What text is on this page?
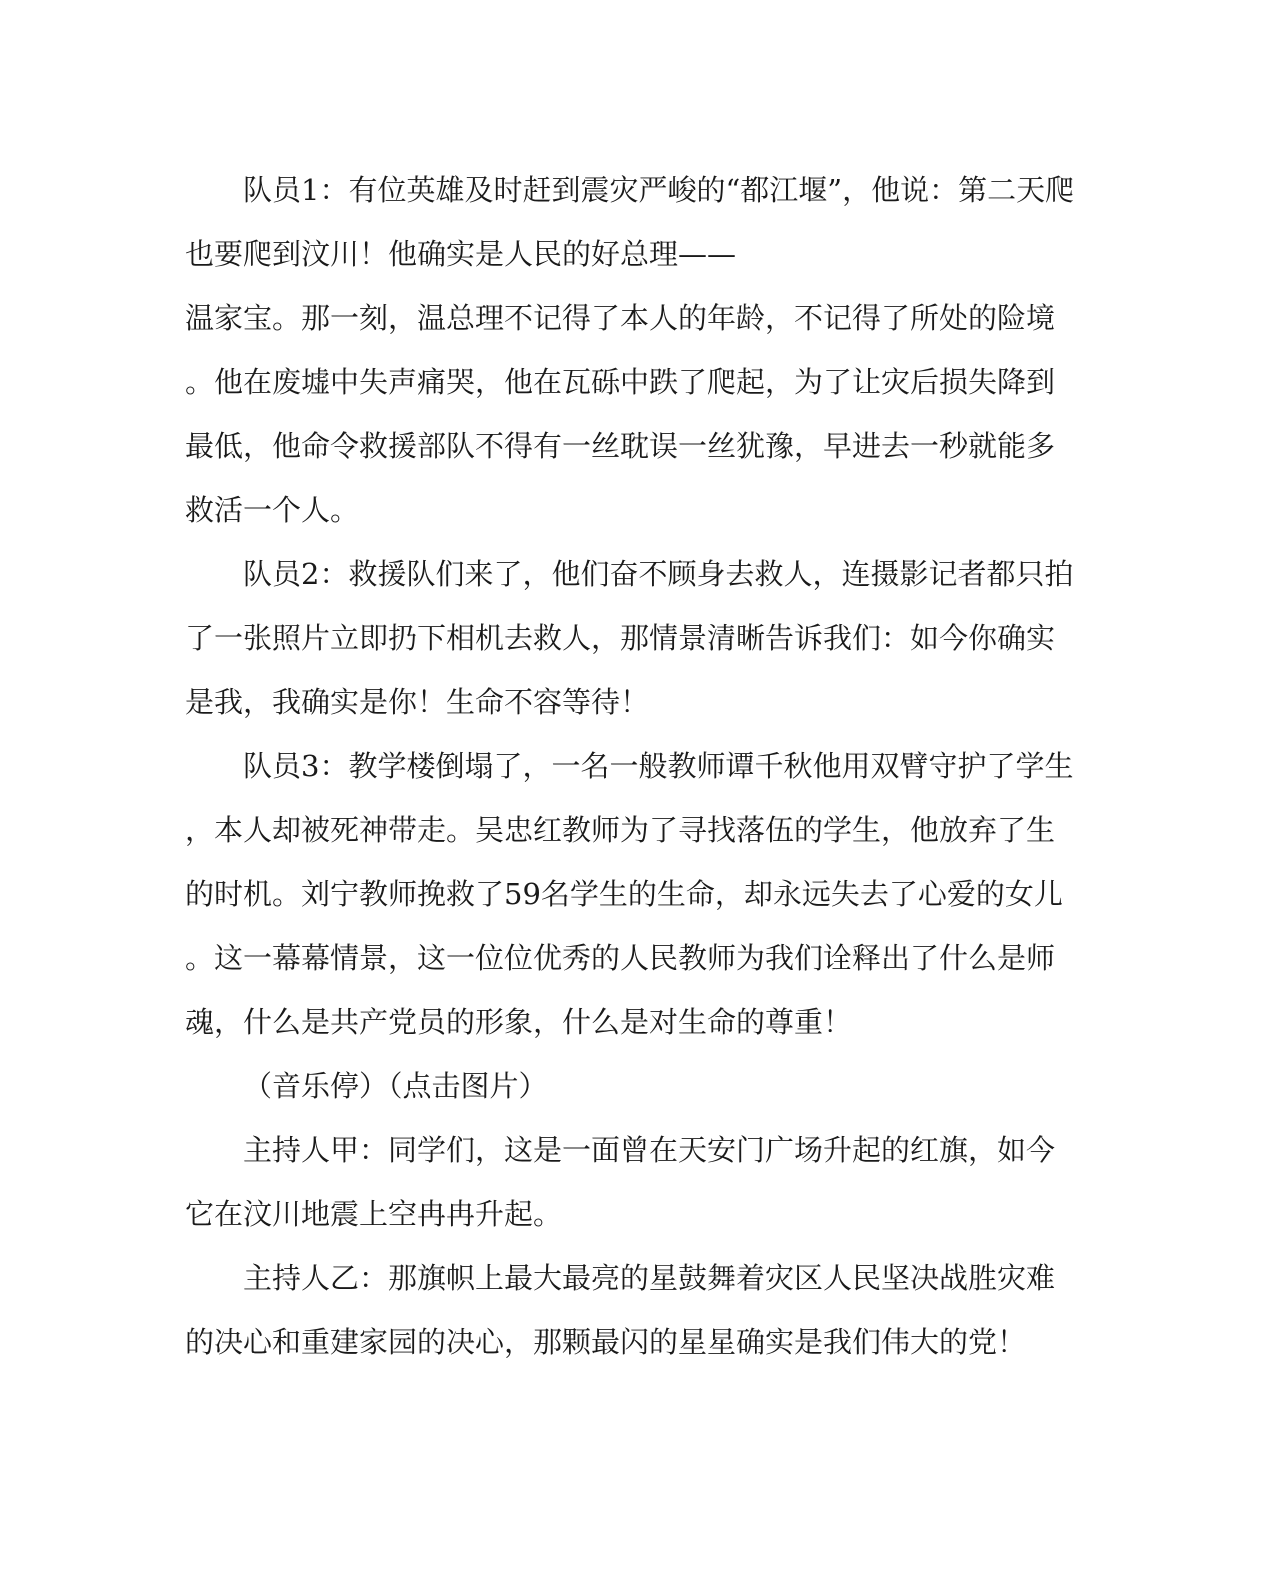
队员1：有位英雄及时赶到震灾严峻的“都江堰”，他说：第二天爬
也要爬到汶川！他确实是人民的好总理——
温家宝。那一刻，温总理不记得了本人的年龄，不记得了所处的险境
。他在废墟中失声痛哭，他在瓦砾中跌了爬起，为了让灾后损失降到
最低，他命令救援部队不得有一丝耽误一丝犹豫，早进去一秒就能多
救活一个人。
队员2：救援队们来了，他们奋不顾身去救人，连摄影记者都只拍
了一张照片立即扔下相机去救人，那情景清晰告诉我们：如今你确实
是我，我确实是你！生命不容等待！
队员3：教学楼倒塌了，一名一般教师谭千秋他用双臂守护了学生
，本人却被死神带走。吴忠红教师为了寻找落伍的学生，他放弃了生
的时机。刘宁教师挽救了59名学生的生命，却永远失去了心爱的女儿
。这一幕幕情景，这一位位优秀的人民教师为我们诠释出了什么是师
魂，什么是共产党员的形象，什么是对生命的尊重！
（音乐停）（点击图片）
主持人甲：同学们，这是一面曾在天安门广场升起的红旗，如今
它在汶川地震上空冉冉升起。
主持人乙：那旗帜上最大最亮的星鼓舞着灾区人民坚决战胜灾难
的决心和重建家园的决心，那颗最闪的星星确实是我们伟大的党！
